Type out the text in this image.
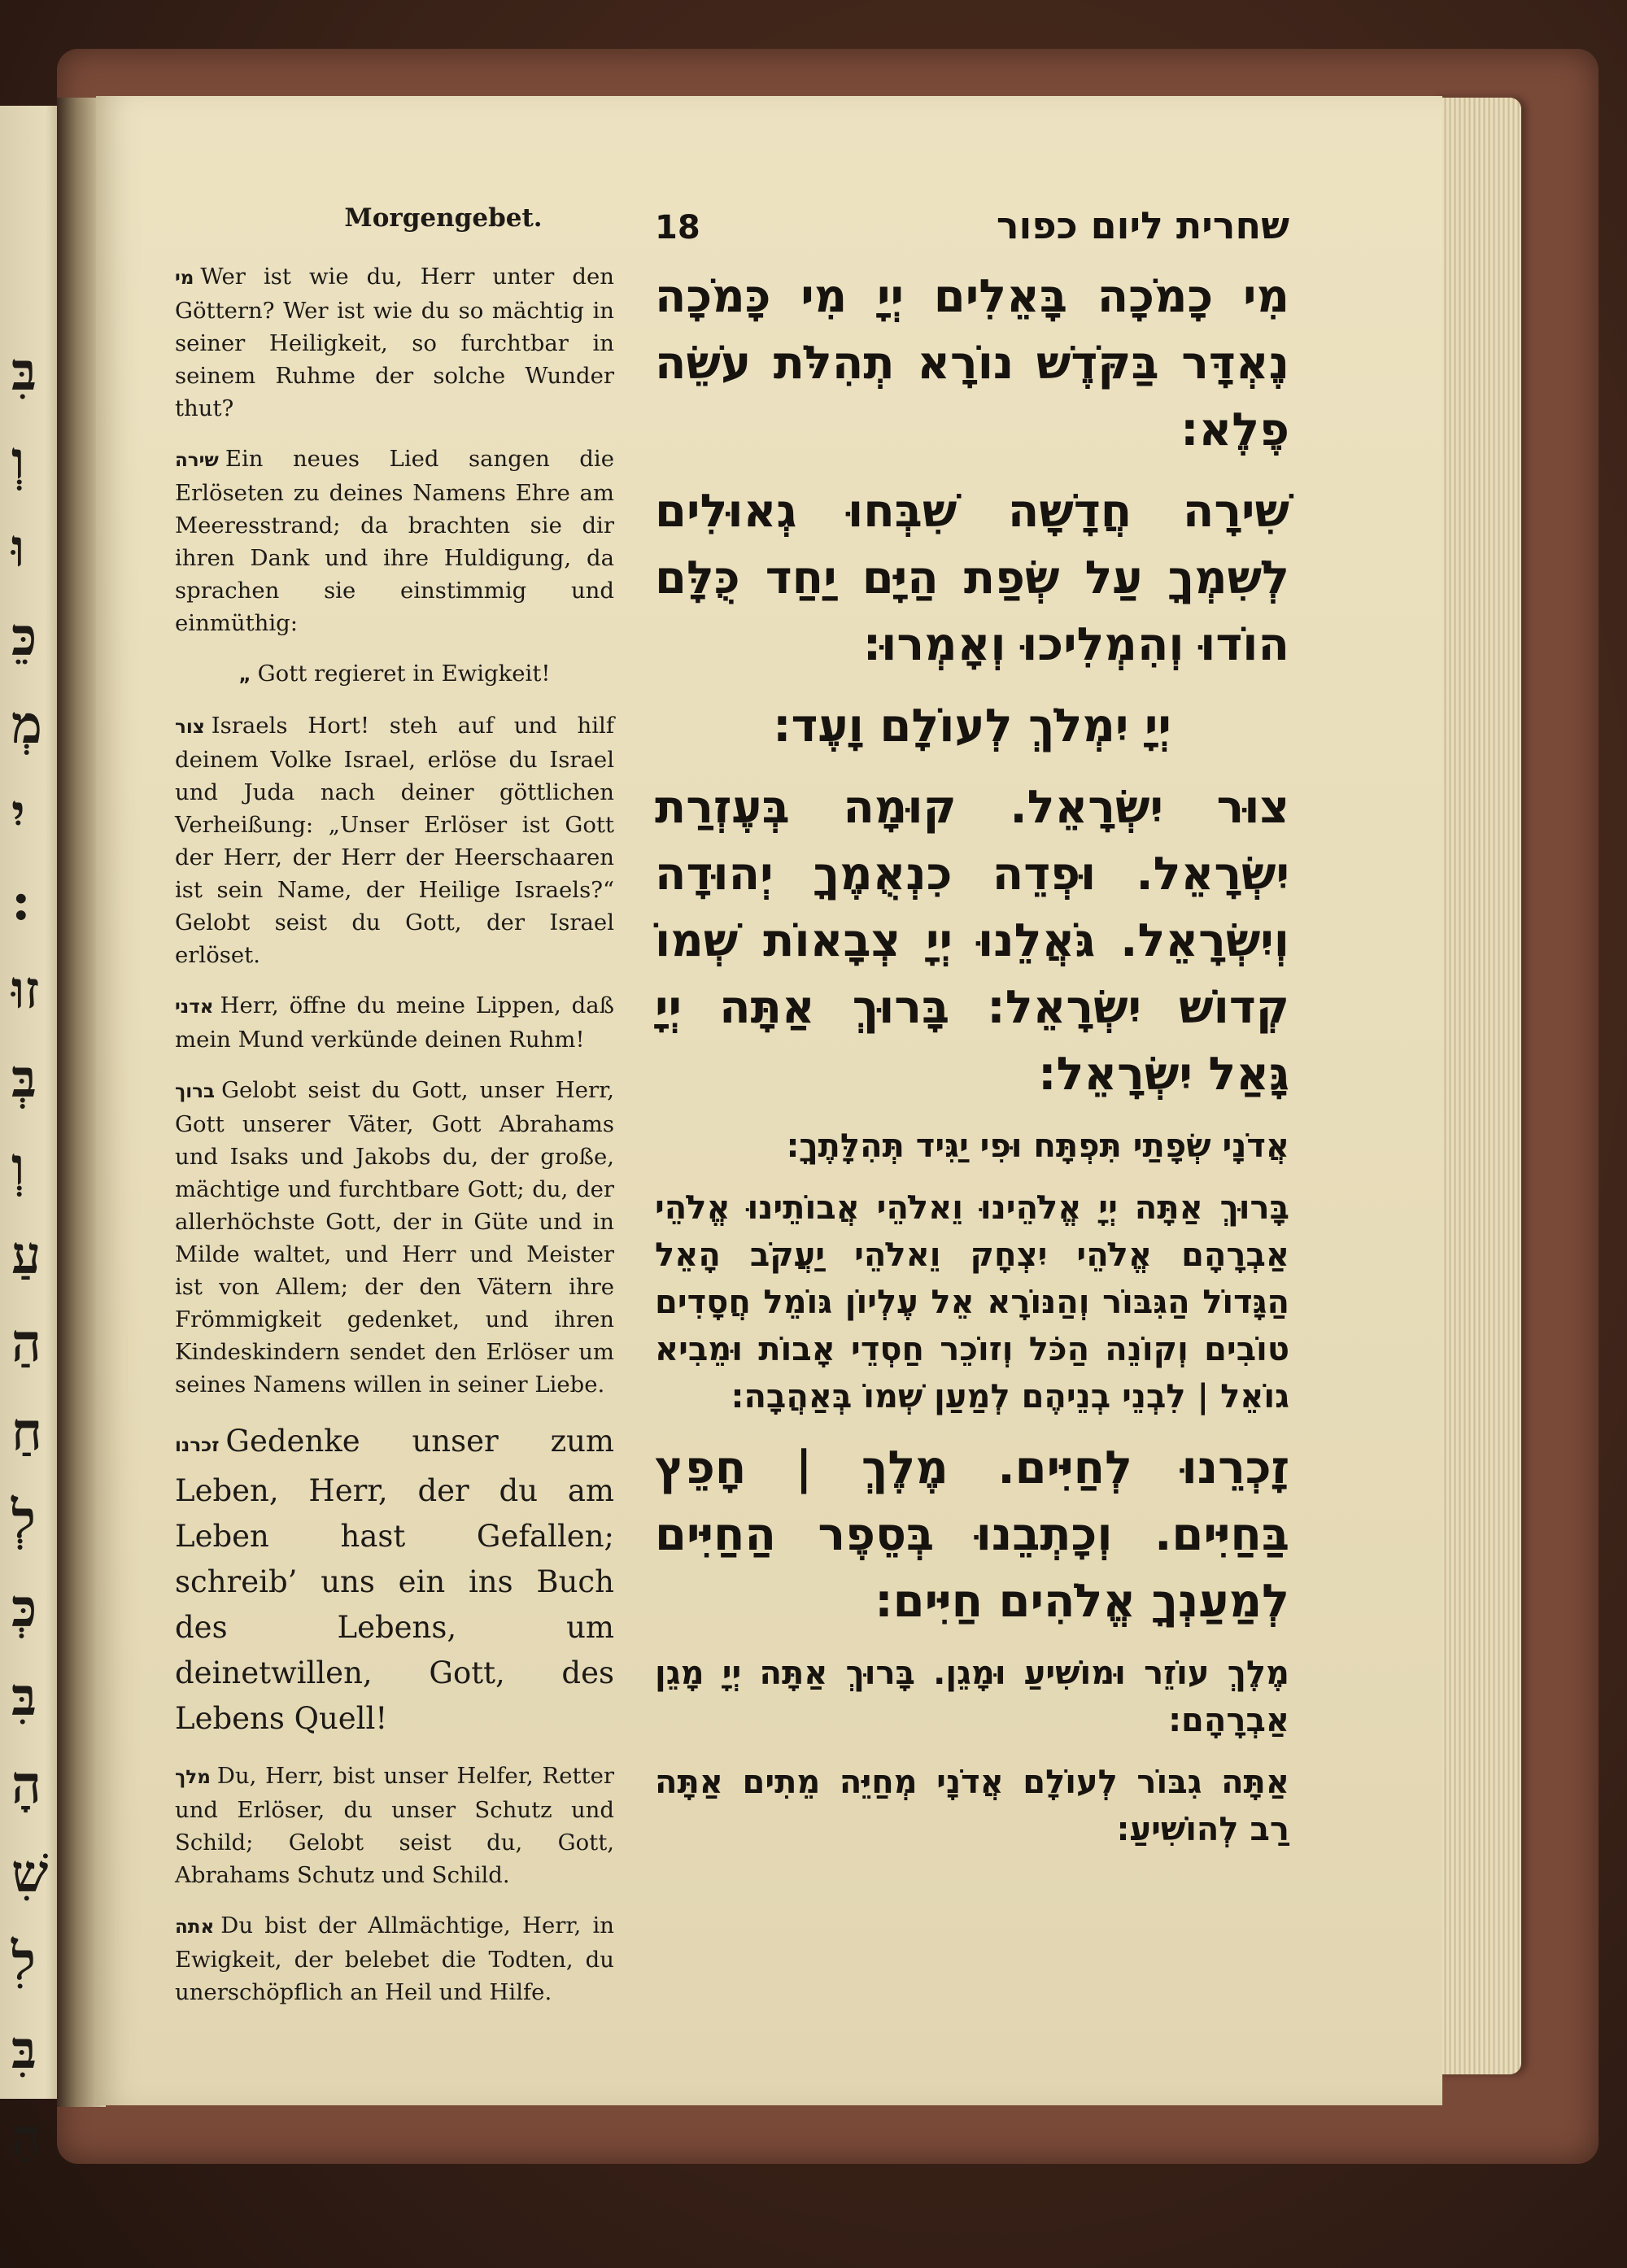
בִּ
וְ
וּ
כֵּ
מְ
יִ
:
זוּ
בְּ
וְ
עַ
הַ
חַ
לְ
כְּ
בִּ
הָ
שִׁ
לִ
בִּ
הַ
Morgengebet.

מי Wer ist wie du, Herr unter den Göttern? Wer ist wie du so mächtig in seiner Heiligkeit, so furchtbar in seinem Ruhme der solche Wunder thut?

שירה Ein neues Lied sangen die Erlöseten zu deines Namens Ehre am Meeresstrand; da brachten sie dir ihren Dank und ihre Huldigung, da sprachen sie einstimmig und einmüthig:

„ Gott regieret in Ewigkeit!

צור Israels Hort! steh auf und hilf deinem Volke Israel, erlöse du Israel und Juda nach deiner göttlichen Verheißung: „Unser Erlöser ist Gott der Herr, der Herr der Heerschaaren ist sein Name, der Heilige Israels?“ Gelobt seist du Gott, der Israel erlöset.

אדני Herr, öffne du meine Lippen, daß mein Mund verkünde deinen Ruhm!

ברוך Gelobt seist du Gott, unser Herr, Gott unserer Väter, Gott Abrahams und Isaks und Jakobs du, der große, mächtige und furchtbare Gott; du, der allerhöchste Gott, der in Güte und in Milde waltet, und Herr und Meister ist von Allem; der den Vätern ihre Frömmigkeit gedenket, und ihren Kindeskindern sendet den Erlöser um seines Namens willen in seiner Liebe.

זכרנו Gedenke unser zum Leben, Herr, der du am Leben hast Gefallen; schreib’ uns ein ins Buch des Lebens, um deinetwillen, Gott, des Lebens Quell!

מלך Du, Herr, bist unser Helfer, Retter und Erlöser, du unser Schutz und Schild; Gelobt seist du, Gott, Abrahams Schutz und Schild.

אתה Du bist der Allmächtige, Herr, in Ewigkeit, der belebet die Todten, du unerschöpflich an Heil und Hilfe.

שחרית ליום כפור
18

מִי כָמֹכָה בָּאֵלִים יְיָ מִי כָּמֹכָה נֶאְדָּר בַּקֹּדֶשׁ נוֹרָא תְהִלֹּת עֹשֵׂה פֶלֶא:

שִׁירָה חֲדָשָׁה שִׁבְּחוּ גְאוּלִים לְשִׁמְךָ עַל שְׂפַת הַיָּם יַחַד כֻּלָּם הוֹדוּ וְהִמְלִיכוּ וְאָמְרוּ:

יְיָ יִמְלֹךְ לְעוֹלָם וָעֶד:

צוּר יִשְׂרָאֵל. קוּמָה בְּעֶזְרַת יִשְׂרָאֵל. וּפְדֵה כִנְאֻמֶךָ יְהוּדָה וְיִשְׂרָאֵל. גֹּאֲלֵנוּ יְיָ צְבָאוֹת שְׁמוֹ קְדוֹשׁ יִשְׂרָאֵל: בָּרוּךְ אַתָּה יְיָ גָּאַל יִשְׂרָאֵל:

אֲדֹנָי שְׂפָתַי תִּפְתָּח וּפִי יַגִּיד תְּהִלָּתֶךָ:

בָּרוּךְ אַתָּה יְיָ אֱלֹהֵינוּ וֵאלֹהֵי אֲבוֹתֵינוּ אֱלֹהֵי אַבְרָהָם אֱלֹהֵי יִצְחָק וֵאלֹהֵי יַעֲקֹב הָאֵל הַגָּדוֹל הַגִּבּוֹר וְהַנּוֹרָא אֵל עֶלְיוֹן גּוֹמֵל חֲסָדִים טוֹבִים וְקוֹנֵה הַכֹּל וְזוֹכֵר חַסְדֵי אָבוֹת וּמֵבִיא גוֹאֵל | לִבְנֵי בְנֵיהֶם לְמַעַן שְׁמוֹ בְּאַהֲבָה:

זָכְרֵנוּ לְחַיִּים. מֶלֶךְ | חָפֵץ בַּחַיִּים. וְכָתְבֵנוּ בְּסֵפֶר הַחַיִּים לְמַעַנְךָ אֱלֹהִים חַיִּים:

מֶלֶךְ עוֹזֵר וּמוֹשִׁיעַ וּמָגֵן. בָּרוּךְ אַתָּה יְיָ מָגֵן אַבְרָהָם:

אַתָּה גִבּוֹר לְעוֹלָם אֲדֹנָי מְחַיֵּה מֵתִים אַתָּה רַב לְהוֹשִׁיעַ:
